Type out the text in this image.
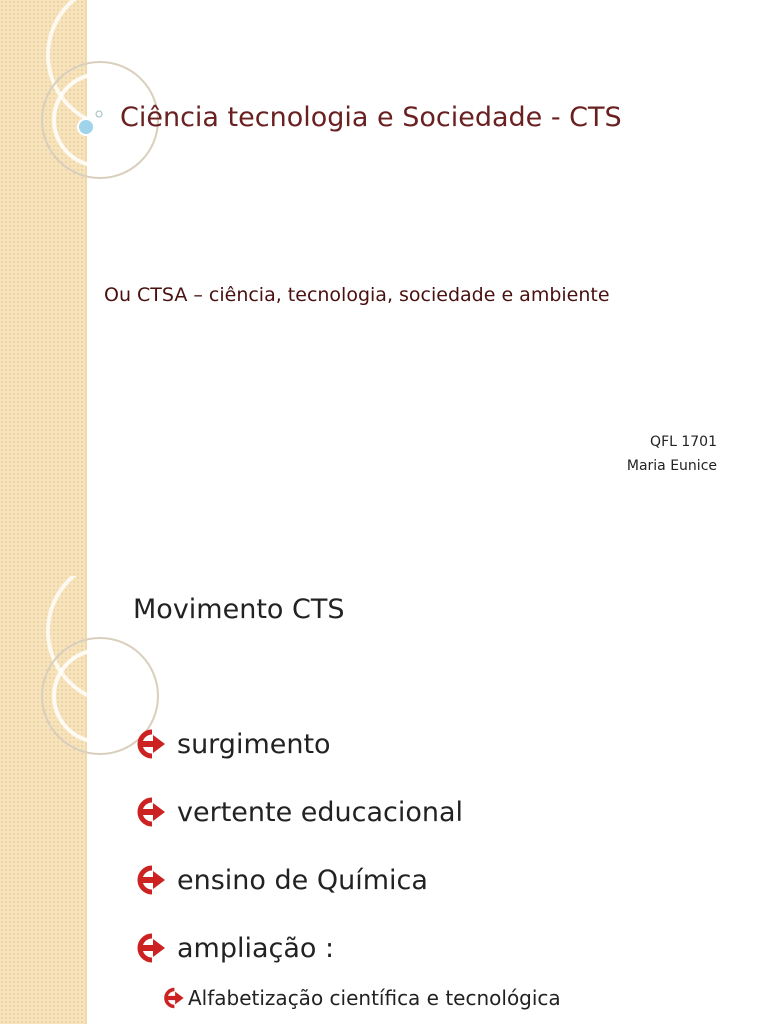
Ciência tecnologia e Sociedade - CTS
Ou CTSA – ciência, tecnologia, sociedade e ambiente
QFL 1701
Maria Eunice
Movimento CTS
surgimento
vertente educacional
ensino de Química
ampliação :
Alfabetização científica e tecnológica
